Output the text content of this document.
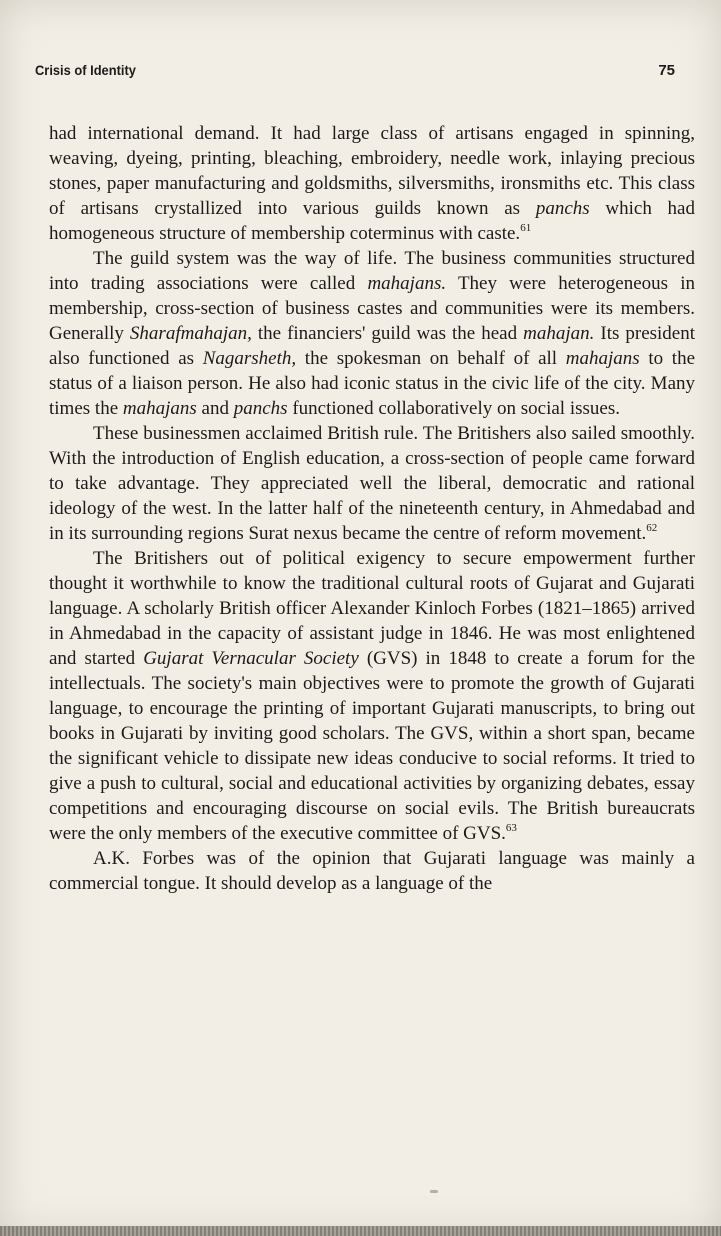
Crisis of Identity	75

had international demand. It had large class of artisans engaged in spinning, weaving, dyeing, printing, bleaching, embroidery, needle work, inlaying precious stones, paper manufacturing and goldsmiths, silversmiths, ironsmiths etc. This class of artisans crystallized into various guilds known as panchs which had homogeneous structure of membership coterminus with caste.$^{61}$

The guild system was the way of life. The business communities structured into trading associations were called mahajans. They were heterogeneous in membership, cross-section of business castes and communities were its members. Generally Sharafmahajan, the financiers' guild was the head mahajan. Its president also functioned as Nagarsheth, the spokesman on behalf of all mahajans to the status of a liaison person. He also had iconic status in the civic life of the city. Many times the mahajans and panchs functioned collaboratively on social issues.

These businessmen acclaimed British rule. The Britishers also sailed smoothly. With the introduction of English education, a cross-section of people came forward to take advantage. They appreciated well the liberal, democratic and rational ideology of the west. In the latter half of the nineteenth century, in Ahmedabad and in its surrounding regions Surat nexus became the centre of reform movement.$^{62}$

The Britishers out of political exigency to secure empowerment further thought it worthwhile to know the traditional cultural roots of Gujarat and Gujarati language. A scholarly British officer Alexander Kinloch Forbes (1821–1865) arrived in Ahmedabad in the capacity of assistant judge in 1846. He was most enlightened and started Gujarat Vernacular Society (GVS) in 1848 to create a forum for the intellectuals. The society's main objectives were to promote the growth of Gujarati language, to encourage the printing of important Gujarati manuscripts, to bring out books in Gujarati by inviting good scholars. The GVS, within a short span, became the significant vehicle to dissipate new ideas conducive to social reforms. It tried to give a push to cultural, social and educational activities by organizing debates, essay competitions and encouraging discourse on social evils. The British bureaucrats were the only members of the executive committee of GVS.$^{63}$

A.K. Forbes was of the opinion that Gujarati language was mainly a commercial tongue. It should develop as a language of the
